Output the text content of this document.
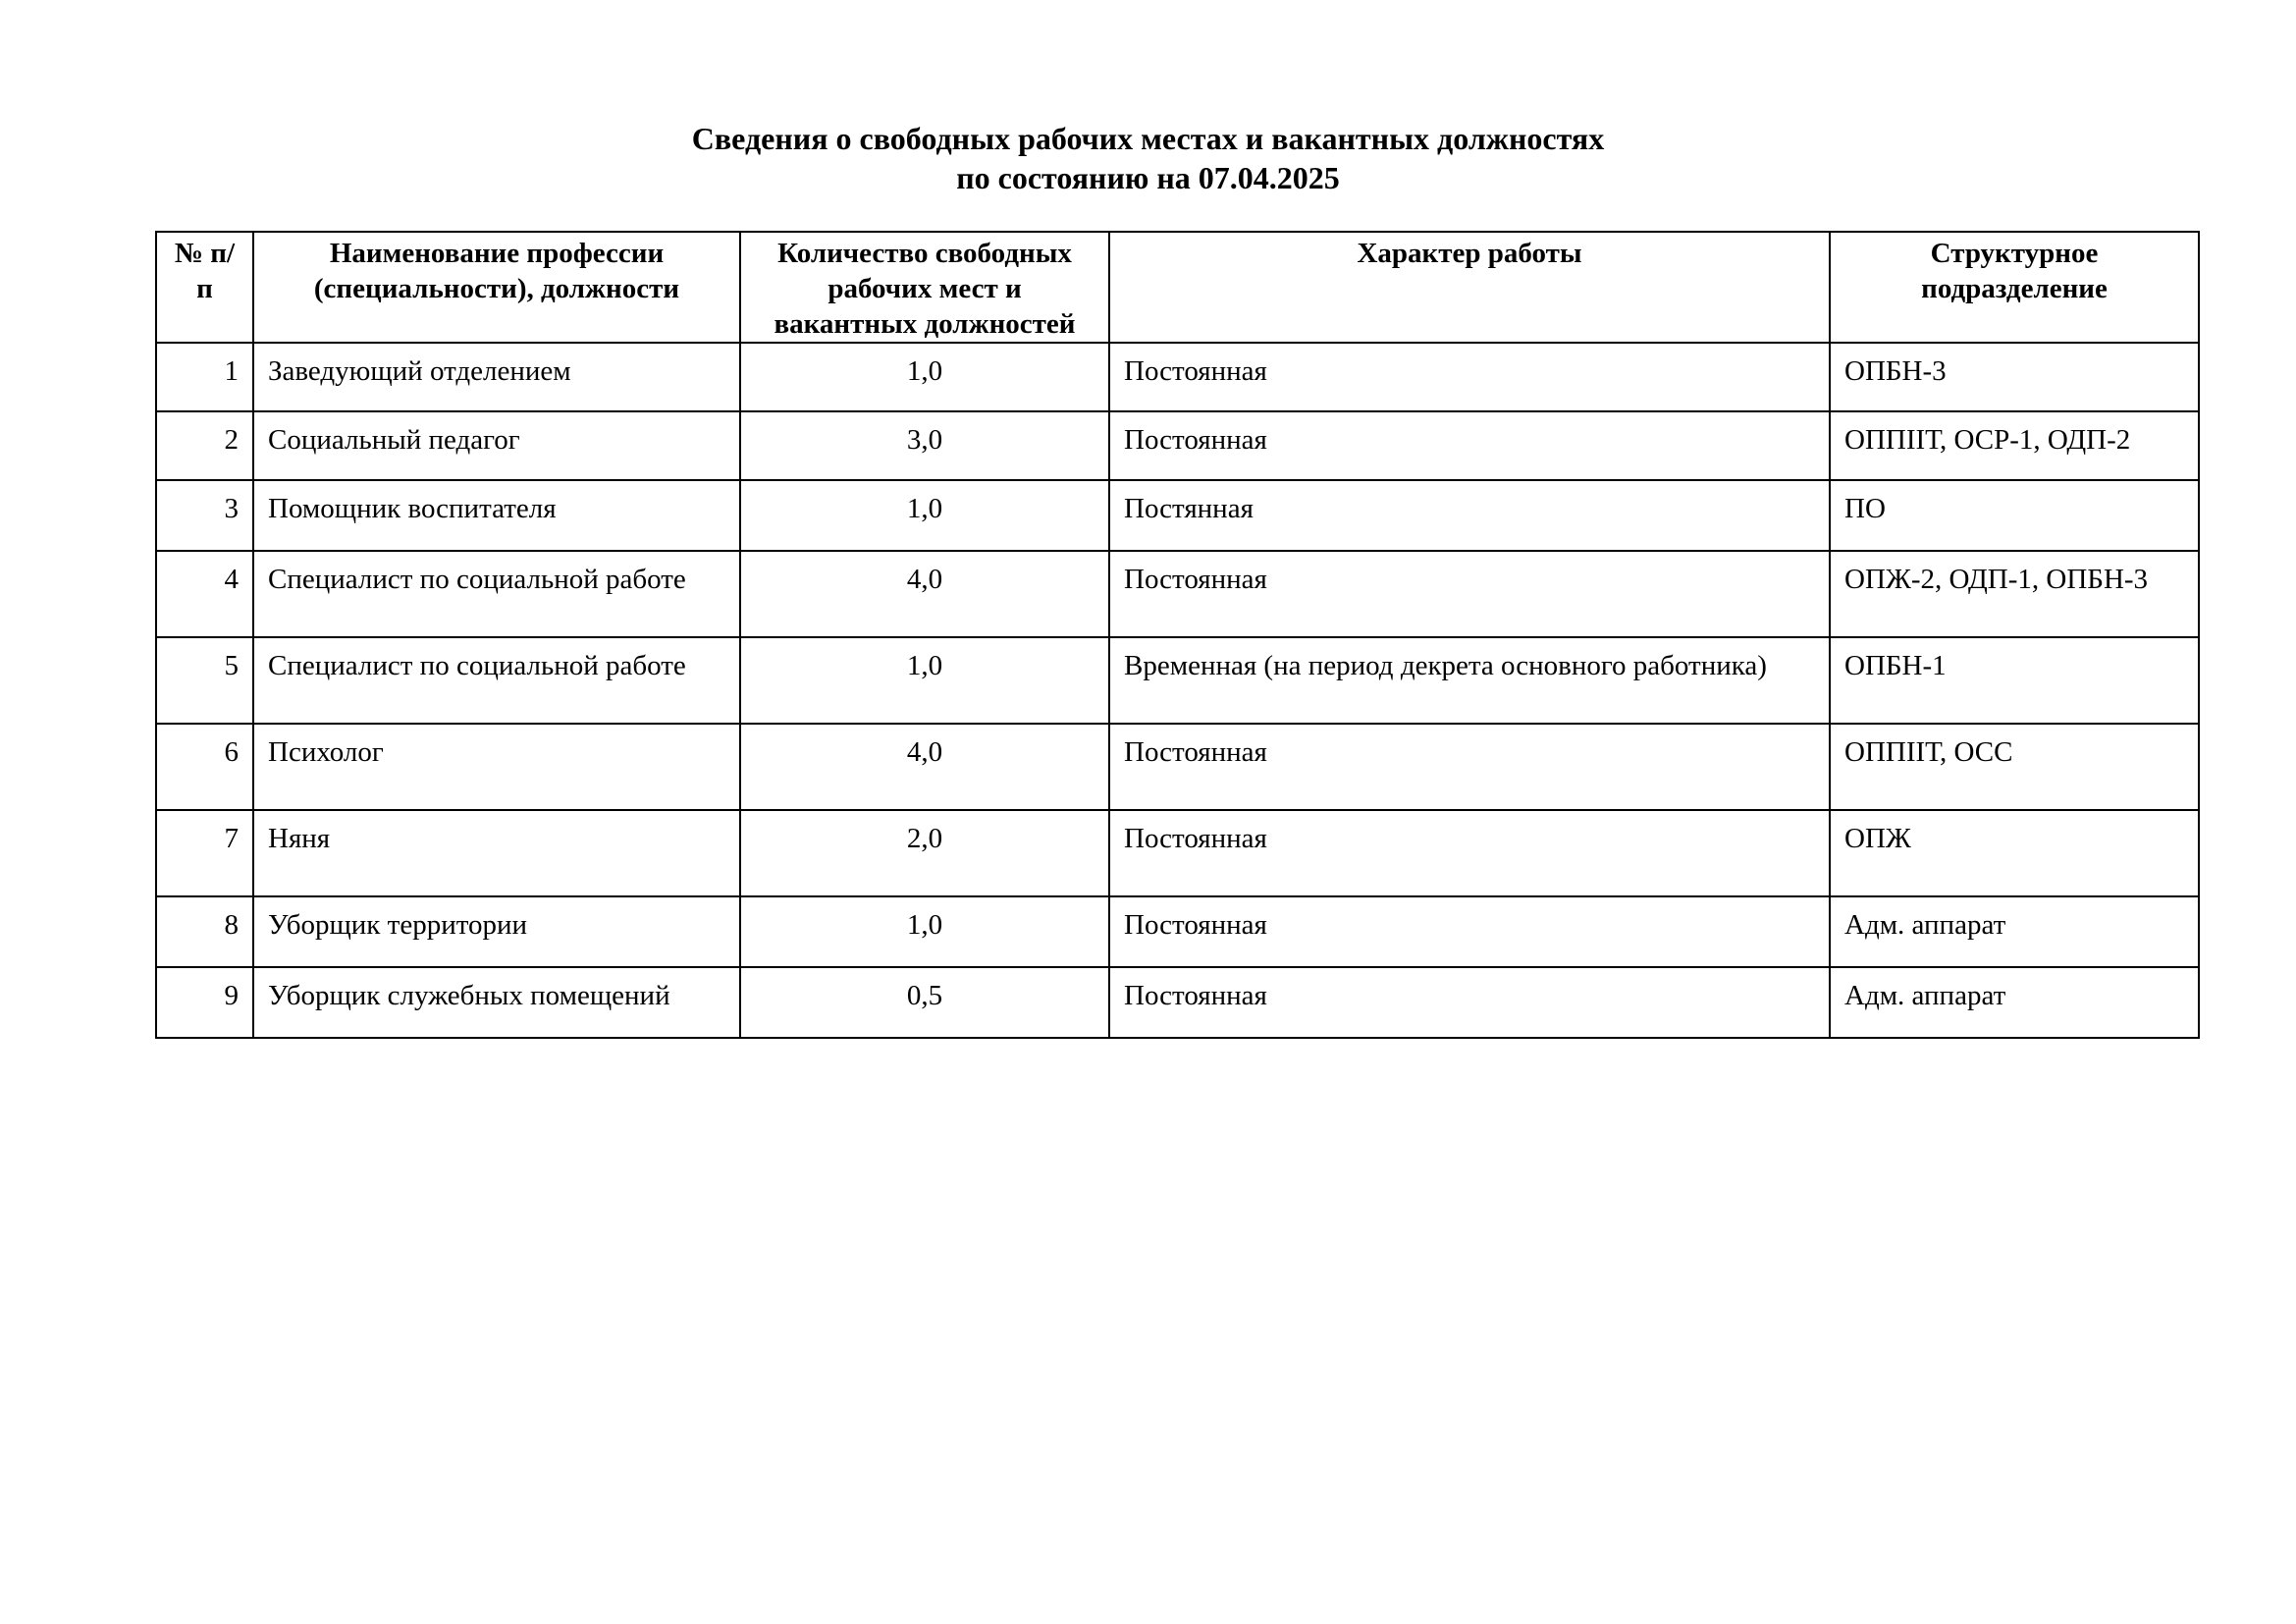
Сведения о свободных рабочих местах и вакантных должностях
по состоянию на 07.04.2025
№ п/п	Наименование профессии (специальности), должности	Количество свободных рабочих мест и вакантных должностей	Характер работы	Структурное подразделение
1	Заведующий отделением	1,0	Постоянная	ОПБН-3
2	Социальный педагог	3,0	Постоянная	ОППIIТ, ОСР-1, ОДП-2
3	Помощник воспитателя	1,0	Постянная	ПО
4	Специалист по социальной работе	4,0	Постоянная	ОПЖ-2, ОДП-1, ОПБН-3
5	Специалист по социальной работе	1,0	Временная (на период декрета основного работника)	ОПБН-1
6	Психолог	4,0	Постоянная	ОППIIТ, ОСС
7	Няня	2,0	Постоянная	ОПЖ
8	Уборщик территории	1,0	Постоянная	Адм. аппарат
9	Уборщик служебных помещений	0,5	Постоянная	Адм. аппарат
